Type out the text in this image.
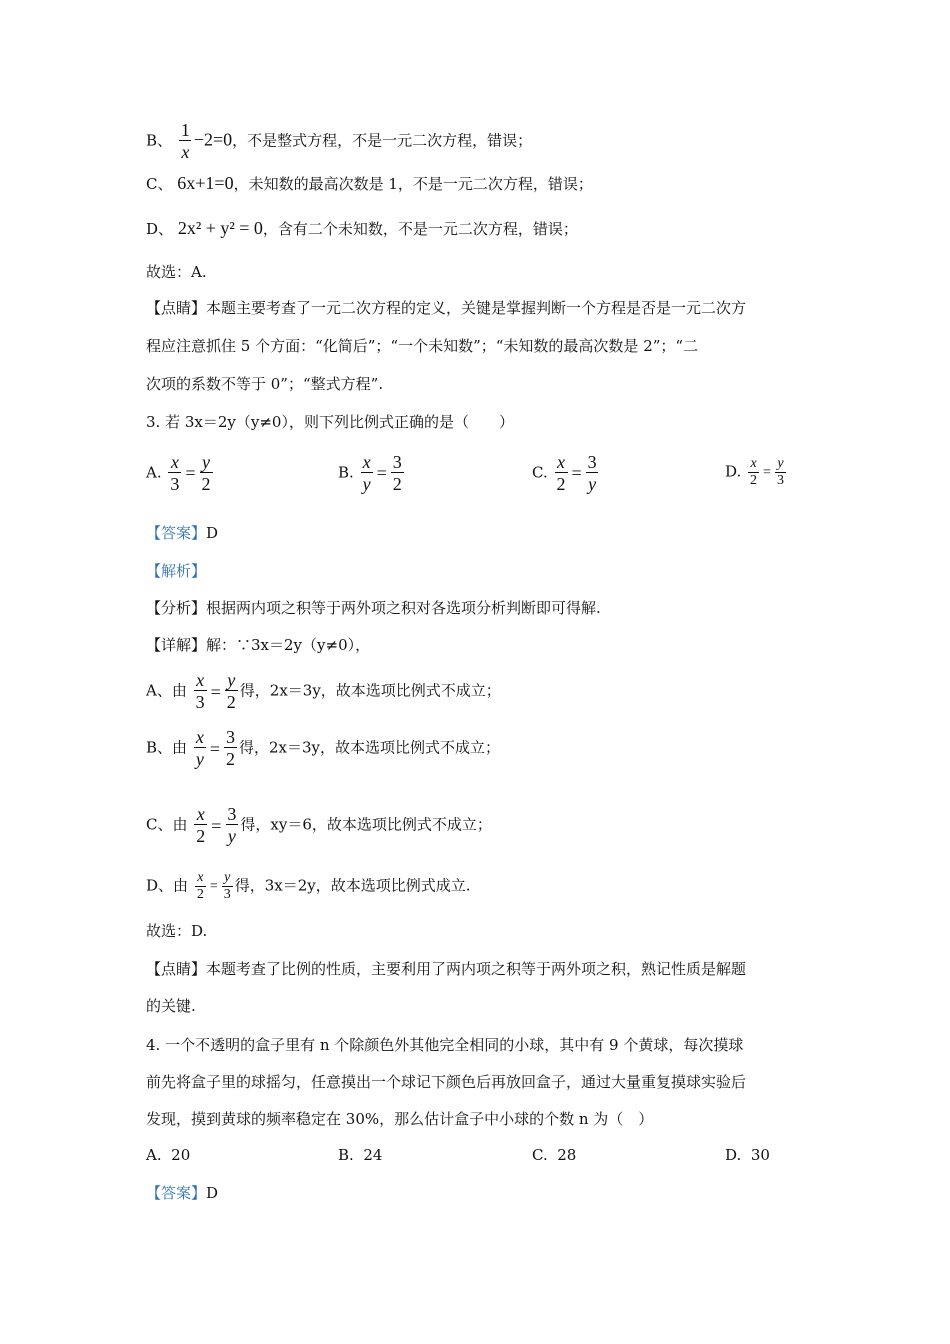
B、 $\frac{1}{x} -2=0$，不是整式方程，不是一元二次方程，错误；
C、 6x+1=0，未知数的最高次数是 1，不是一元二次方程，错误；
D、 2x² + y² = 0，含有二个未知数，不是一元二次方程，错误；
故选：A.
【点睛】本题主要考查了一元二次方程的定义，关键是掌握判断一个方程是否是一元二次方
程应注意抓住 5 个方面：“化简后”；“一个未知数”；“未知数的最高次数是 2”；“二
次项的系数不等于 0”；“整式方程”.
3. 若 3x＝2y（y≠0），则下列比例式正确的是（　　）
A. $\frac{x}{3} = \frac{y}{2}$	B. $\frac{x}{y} = \frac{3}{2}$	C. $\frac{x}{2} = \frac{3}{y}$	D. $\frac{x}{2} = \frac{y}{3}$
【答案】D
【解析】
【分析】根据两内项之积等于两外项之积对各选项分析判断即可得解.
【详解】解：∵3x＝2y（y≠0），
A、由 $\frac{x}{3} = \frac{y}{2}$ 得，2x＝3y，故本选项比例式不成立；
B、由 $\frac{x}{y} = \frac{3}{2}$ 得，2x＝3y，故本选项比例式不成立；
C、由 $\frac{x}{2} = \frac{3}{y}$ 得，xy＝6，故本选项比例式不成立；
D、由 $\frac{x}{2} = \frac{y}{3}$ 得，3x＝2y，故本选项比例式成立.
故选：D.
【点睛】本题考查了比例的性质，主要利用了两内项之积等于两外项之积，熟记性质是解题
的关键.
4. 一个不透明的盒子里有 n 个除颜色外其他完全相同的小球，其中有 9 个黄球，每次摸球
前先将盒子里的球摇匀，任意摸出一个球记下颜色后再放回盒子，通过大量重复摸球实验后
发现，摸到黄球的频率稳定在 30%，那么估计盒子中小球的个数 n 为（　）
A. 20	B. 24	C. 28	D. 30
【答案】D
